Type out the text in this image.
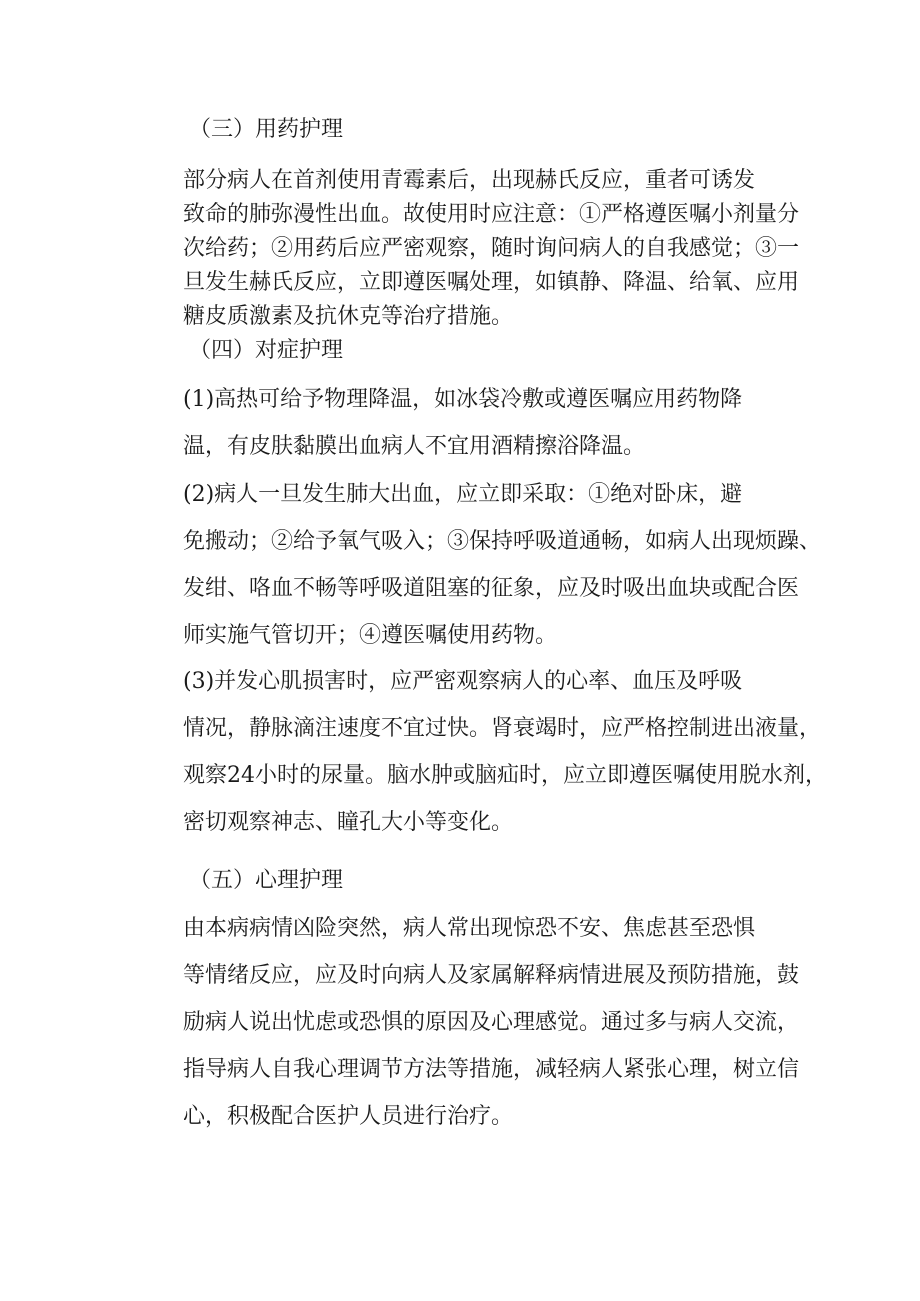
（三）用药护理

部分病人在首剂使用青霉素后，出现赫氏反应，重者可诱发
致命的肺弥漫性出血。故使用时应注意：①严格遵医嘱小剂量分
次给药；②用药后应严密观察，随时询问病人的自我感觉；③一
旦发生赫氏反应，立即遵医嘱处理，如镇静、降温、给氧、应用
糖皮质激素及抗休克等治疗措施。

（四）对症护理

(1)高热可给予物理降温，如冰袋冷敷或遵医嘱应用药物降
温，有皮肤黏膜出血病人不宜用酒精擦浴降温。

(2)病人一旦发生肺大出血，应立即采取：①绝对卧床，避
免搬动；②给予氧气吸入；③保持呼吸道通畅，如病人出现烦躁、
发绀、咯血不畅等呼吸道阻塞的征象，应及时吸出血块或配合医
师实施气管切开；④遵医嘱使用药物。

(3)并发心肌损害时，应严密观察病人的心率、血压及呼吸
情况，静脉滴注速度不宜过快。肾衰竭时，应严格控制进出液量，
观察24小时的尿量。脑水肿或脑疝时，应立即遵医嘱使用脱水剂，
密切观察神志、瞳孔大小等变化。

（五）心理护理

由本病病情凶险突然，病人常出现惊恐不安、焦虑甚至恐惧
等情绪反应，应及时向病人及家属解释病情进展及预防措施，鼓
励病人说出忧虑或恐惧的原因及心理感觉。通过多与病人交流，
指导病人自我心理调节方法等措施，减轻病人紧张心理，树立信
心，积极配合医护人员进行治疗。
